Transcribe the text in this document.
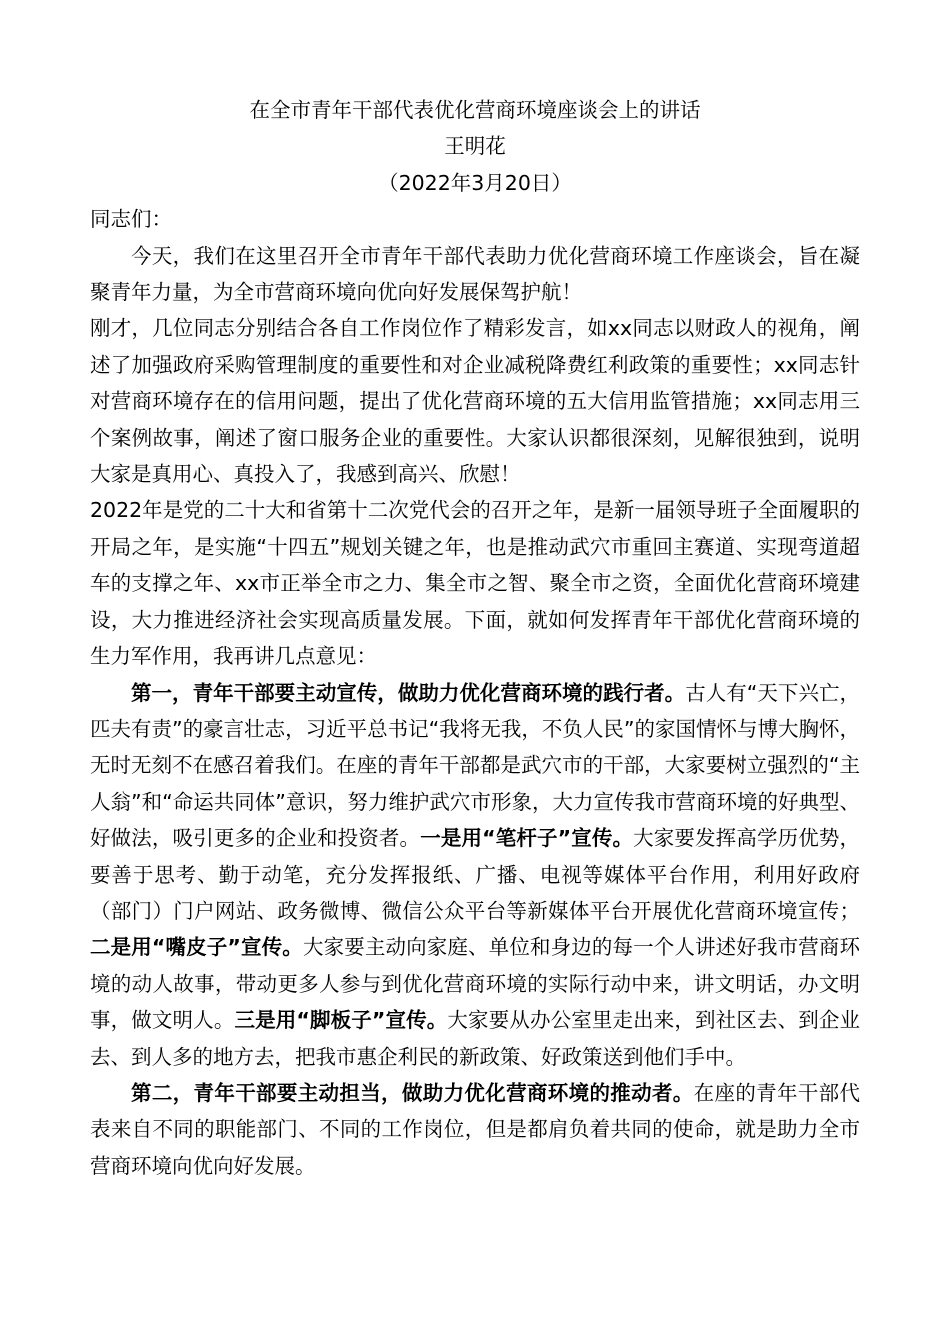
在全市青年干部代表优化营商环境座谈会上的讲话

王明花

（2022年3月20日）

同志们：

今天，我们在这里召开全市青年干部代表助力优化营商环境工作座谈会，旨在凝聚青年力量，为全市营商环境向优向好发展保驾护航！

刚才，几位同志分别结合各自工作岗位作了精彩发言，如xx同志以财政人的视角，阐述了加强政府采购管理制度的重要性和对企业减税降费红利政策的重要性；xx同志针对营商环境存在的信用问题，提出了优化营商环境的五大信用监管措施；xx同志用三个案例故事，阐述了窗口服务企业的重要性。大家认识都很深刻，见解很独到，说明大家是真用心、真投入了，我感到高兴、欣慰！

2022年是党的二十大和省第十二次党代会的召开之年，是新一届领导班子全面履职的开局之年，是实施“十四五”规划关键之年，也是推动武穴市重回主赛道、实现弯道超车的支撑之年、xx市正举全市之力、集全市之智、聚全市之资，全面优化营商环境建设，大力推进经济社会实现高质量发展。下面，就如何发挥青年干部优化营商环境的生力军作用，我再讲几点意见：

第一，青年干部要主动宣传，做助力优化营商环境的践行者。古人有“天下兴亡，匹夫有责”的豪言壮志，习近平总书记“我将无我，不负人民”的家国情怀与博大胸怀，无时无刻不在感召着我们。在座的青年干部都是武穴市的干部，大家要树立强烈的“主人翁”和“命运共同体”意识，努力维护武穴市形象，大力宣传我市营商环境的好典型、好做法，吸引更多的企业和投资者。一是用“笔杆子”宣传。大家要发挥高学历优势，要善于思考、勤于动笔，充分发挥报纸、广播、电视等媒体平台作用，利用好政府（部门）门户网站、政务微博、微信公众平台等新媒体平台开展优化营商环境宣传；二是用“嘴皮子”宣传。大家要主动向家庭、单位和身边的每一个人讲述好我市营商环境的动人故事，带动更多人参与到优化营商环境的实际行动中来，讲文明话，办文明事，做文明人。三是用“脚板子”宣传。大家要从办公室里走出来，到社区去、到企业去、到人多的地方去，把我市惠企利民的新政策、好政策送到他们手中。

第二，青年干部要主动担当，做助力优化营商环境的推动者。在座的青年干部代表来自不同的职能部门、不同的工作岗位，但是都肩负着共同的使命，就是助力全市营商环境向优向好发展。
